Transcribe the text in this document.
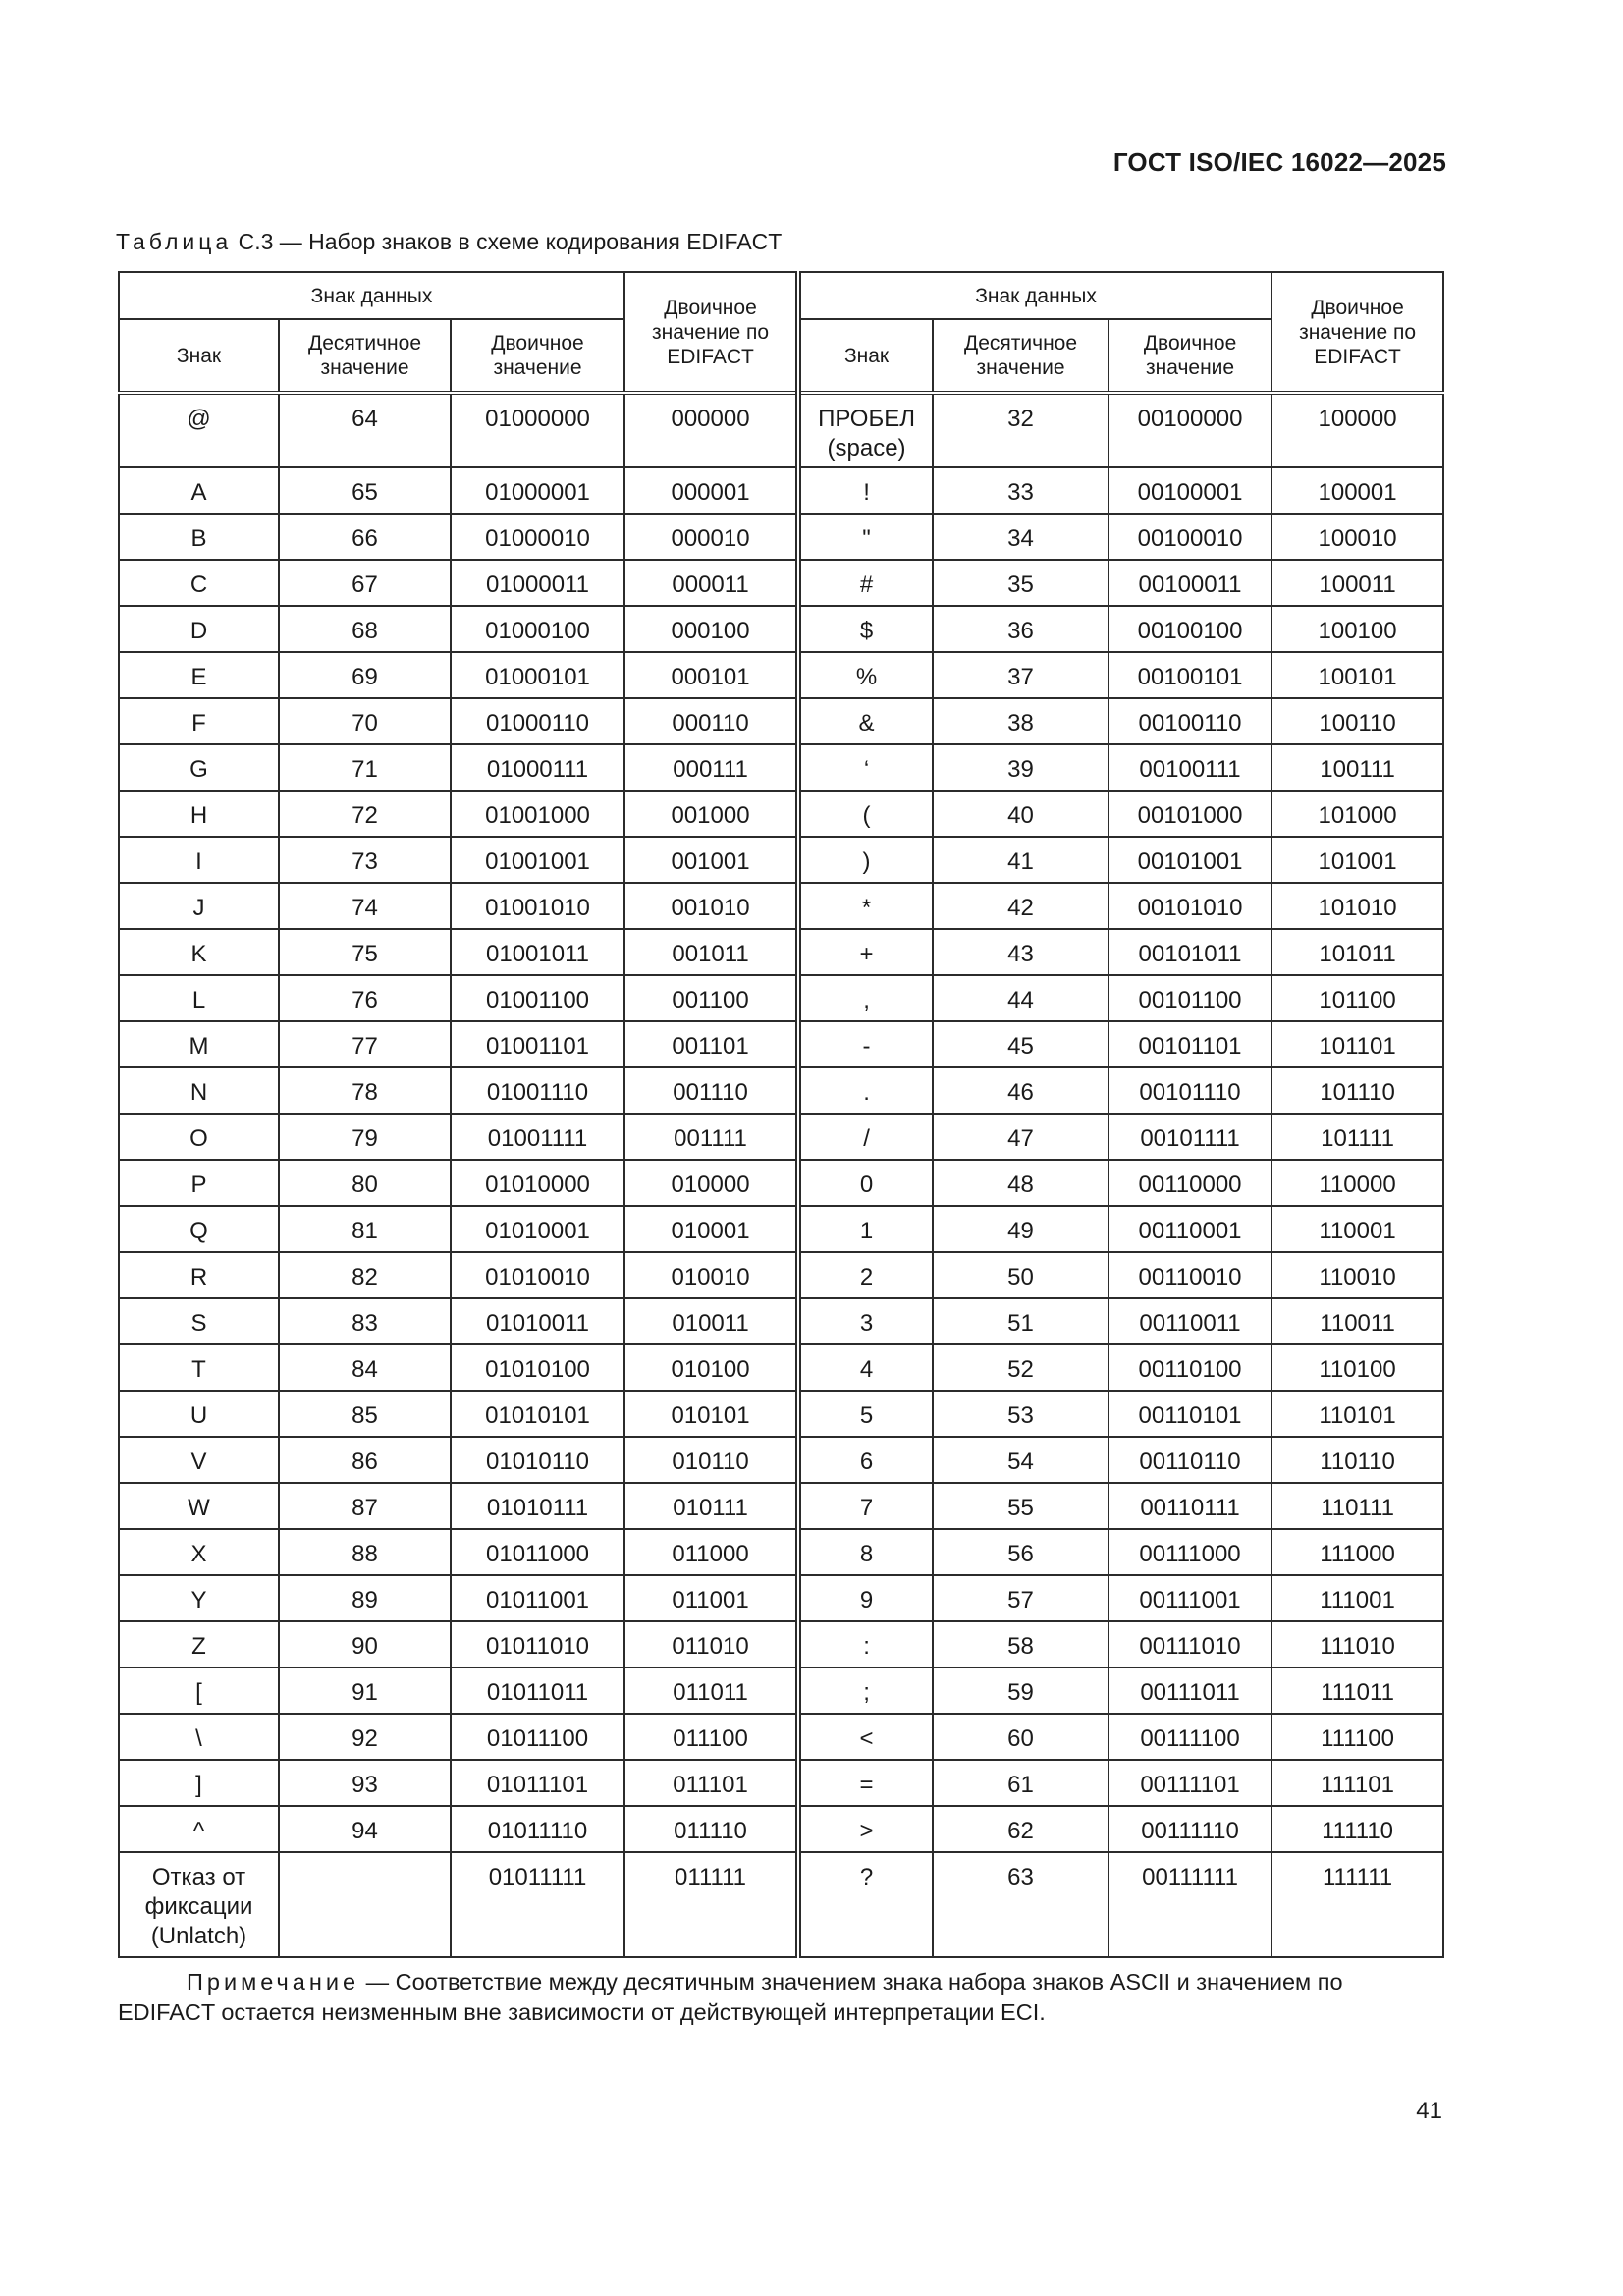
ГОСТ ISO/IEC 16022—2025
Таблица С.3 — Набор знаков в схеме кодирования EDIFACT
Знак данных			Двоичное значение по EDIFACT	Знак данных			Двоичное значение по EDIFACT
Знак	Десятичное значение	Двоичное значение		Знак	Десятичное значение	Двоичное значение	
@	64	01000000	000000	ПРОБЕЛ (space)	32	00100000	100000
A	65	01000001	000001	!	33	00100001	100001
B	66	01000010	000010	"	34	00100010	100010
C	67	01000011	000011	#	35	00100011	100011
D	68	01000100	000100	$	36	00100100	100100
E	69	01000101	000101	%	37	00100101	100101
F	70	01000110	000110	&	38	00100110	100110
G	71	01000111	000111	‘	39	00100111	100111
H	72	01001000	001000	(	40	00101000	101000
I	73	01001001	001001	)	41	00101001	101001
J	74	01001010	001010	*	42	00101010	101010
K	75	01001011	001011	+	43	00101011	101011
L	76	01001100	001100	,	44	00101100	101100
M	77	01001101	001101	-	45	00101101	101101
N	78	01001110	001110	.	46	00101110	101110
O	79	01001111	001111	/	47	00101111	101111
P	80	01010000	010000	0	48	00110000	110000
Q	81	01010001	010001	1	49	00110001	110001
R	82	01010010	010010	2	50	00110010	110010
S	83	01010011	010011	3	51	00110011	110011
T	84	01010100	010100	4	52	00110100	110100
U	85	01010101	010101	5	53	00110101	110101
V	86	01010110	010110	6	54	00110110	110110
W	87	01010111	010111	7	55	00110111	110111
X	88	01011000	011000	8	56	00111000	111000
Y	89	01011001	011001	9	57	00111001	111001
Z	90	01011010	011010	:	58	00111010	111010
[	91	01011011	011011	;	59	00111011	111011
\	92	01011100	011100	<	60	00111100	111100
]	93	01011101	011101	=	61	00111101	111101
^	94	01011110	011110	>	62	00111110	111110
Отказ от фиксации (Unlatch)		01011111	011111	?	63	00111111	111111
Примечание — Соответствие между десятичным значением знака набора знаков ASCII и значением по EDIFACT остается неизменным вне зависимости от действующей интерпретации ECI.
41
